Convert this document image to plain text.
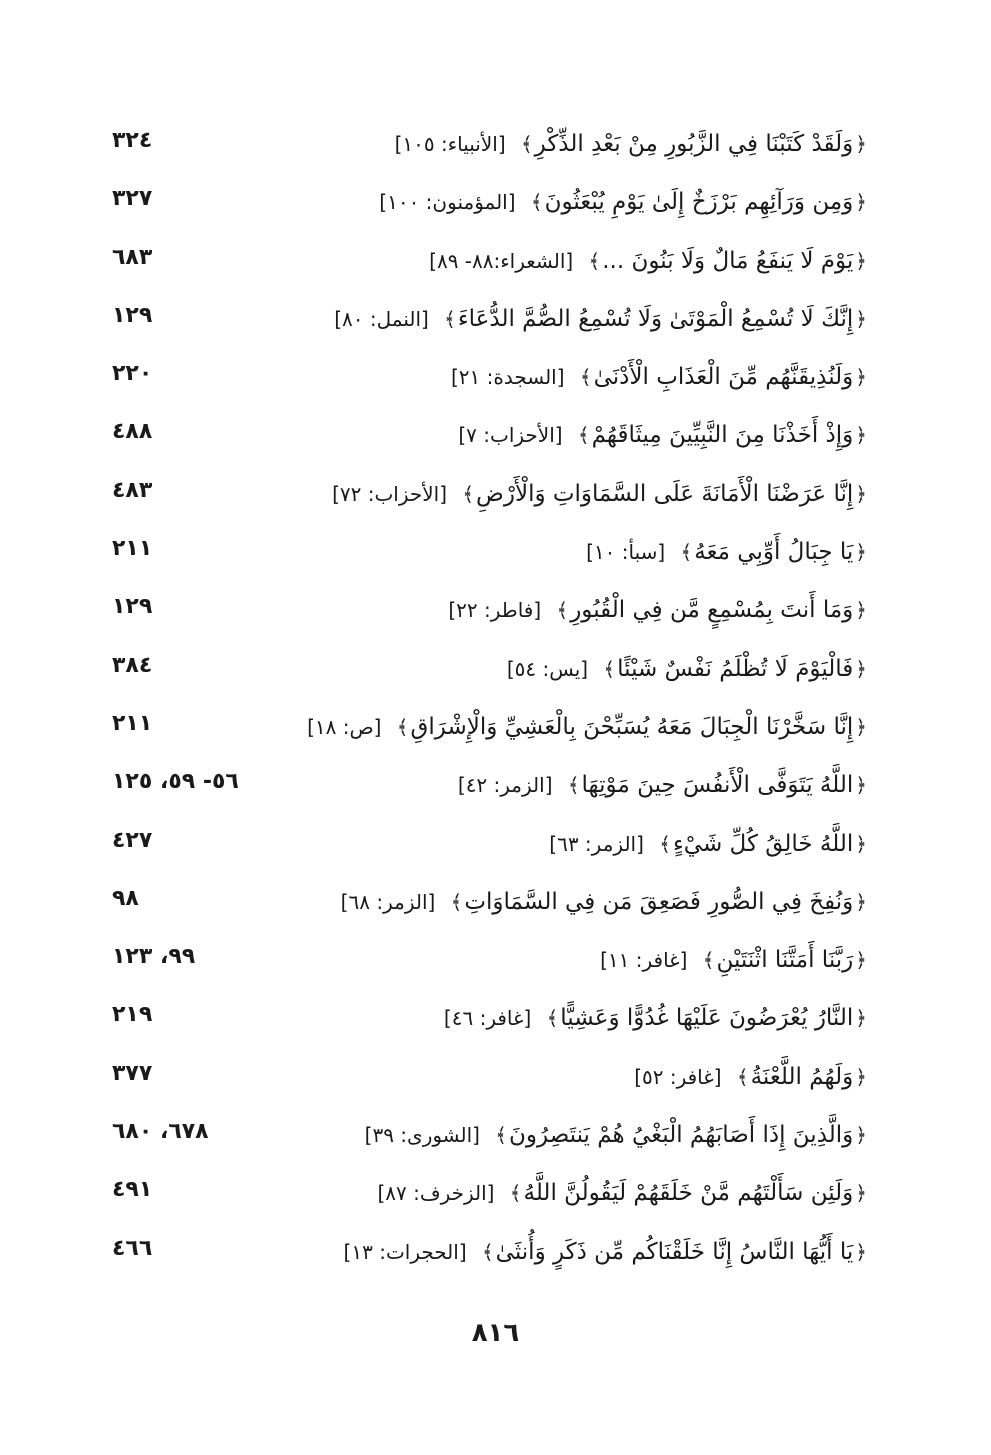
﴿وَلَقَدْ كَتَبْنَا فِي الزَّبُورِ مِنْ بَعْدِ الذِّكْرِ﴾ [الأنبياء: ١٠٥]
٣٢٤
﴿وَمِن وَرَآئِهِم بَرْزَخٌ إِلَىٰ يَوْمِ يُبْعَثُونَ﴾ [المؤمنون: ١٠٠]
٣٢٧
﴿يَوْمَ لَا يَنفَعُ مَالٌ وَلَا بَنُونَ ...﴾ [الشعراء:٨٨- ٨٩]
٦٨٣
﴿إِنَّكَ لَا تُسْمِعُ الْمَوْتَىٰ وَلَا تُسْمِعُ الصُّمَّ الدُّعَاءَ﴾ [النمل: ٨٠]
١٢٩
﴿وَلَنُذِيقَنَّهُم مِّنَ الْعَذَابِ الْأَدْنَىٰ﴾ [السجدة: ٢١]
٢٢٠
﴿وَإِذْ أَخَذْنَا مِنَ النَّبِيِّينَ مِيثَاقَهُمْ﴾ [الأحزاب: ٧]
٤٨٨
﴿إِنَّا عَرَضْنَا الْأَمَانَةَ عَلَى السَّمَاوَاتِ وَالْأَرْضِ﴾ [الأحزاب: ٧٢]
٤٨٣
﴿يَا جِبَالُ أَوِّبِي مَعَهُ﴾ [سبأ: ١٠]
٢١١
﴿وَمَا أَنتَ بِمُسْمِعٍ مَّن فِي الْقُبُورِ﴾ [فاطر: ٢٢]
١٢٩
﴿فَالْيَوْمَ لَا تُظْلَمُ نَفْسٌ شَيْئًا﴾ [يس: ٥٤]
٣٨٤
﴿إِنَّا سَخَّرْنَا الْجِبَالَ مَعَهُ يُسَبِّحْنَ بِالْعَشِيِّ وَالْإِشْرَاقِ﴾ [ص: ١٨]
٢١١
﴿اللَّهُ يَتَوَفَّى الْأَنفُسَ حِينَ مَوْتِهَا﴾ [الزمر: ٤٢]
٥٦- ٥٩، ١٢٥
﴿اللَّهُ خَالِقُ كُلِّ شَيْءٍ﴾ [الزمر: ٦٣]
٤٢٧
﴿وَنُفِخَ فِي الصُّورِ فَصَعِقَ مَن فِي السَّمَاوَاتِ﴾ [الزمر: ٦٨]
٩٨
﴿رَبَّنَا أَمَتَّنَا اثْنَتَيْنِ﴾ [غافر: ١١]
٩٩، ١٢٣
﴿النَّارُ يُعْرَضُونَ عَلَيْهَا غُدُوًّا وَعَشِيًّا﴾ [غافر: ٤٦]
٢١٩
﴿وَلَهُمُ اللَّعْنَةُ﴾ [غافر: ٥٢]
٣٧٧
﴿وَالَّذِينَ إِذَا أَصَابَهُمُ الْبَغْيُ هُمْ يَنتَصِرُونَ﴾ [الشورى: ٣٩]
٦٧٨، ٦٨٠
﴿وَلَئِن سَأَلْتَهُم مَّنْ خَلَقَهُمْ لَيَقُولُنَّ اللَّهُ﴾ [الزخرف: ٨٧]
٤٩١
﴿يَا أَيُّهَا النَّاسُ إِنَّا خَلَقْنَاكُم مِّن ذَكَرٍ وَأُنثَىٰ﴾ [الحجرات: ١٣]
٤٦٦
٨١٦
